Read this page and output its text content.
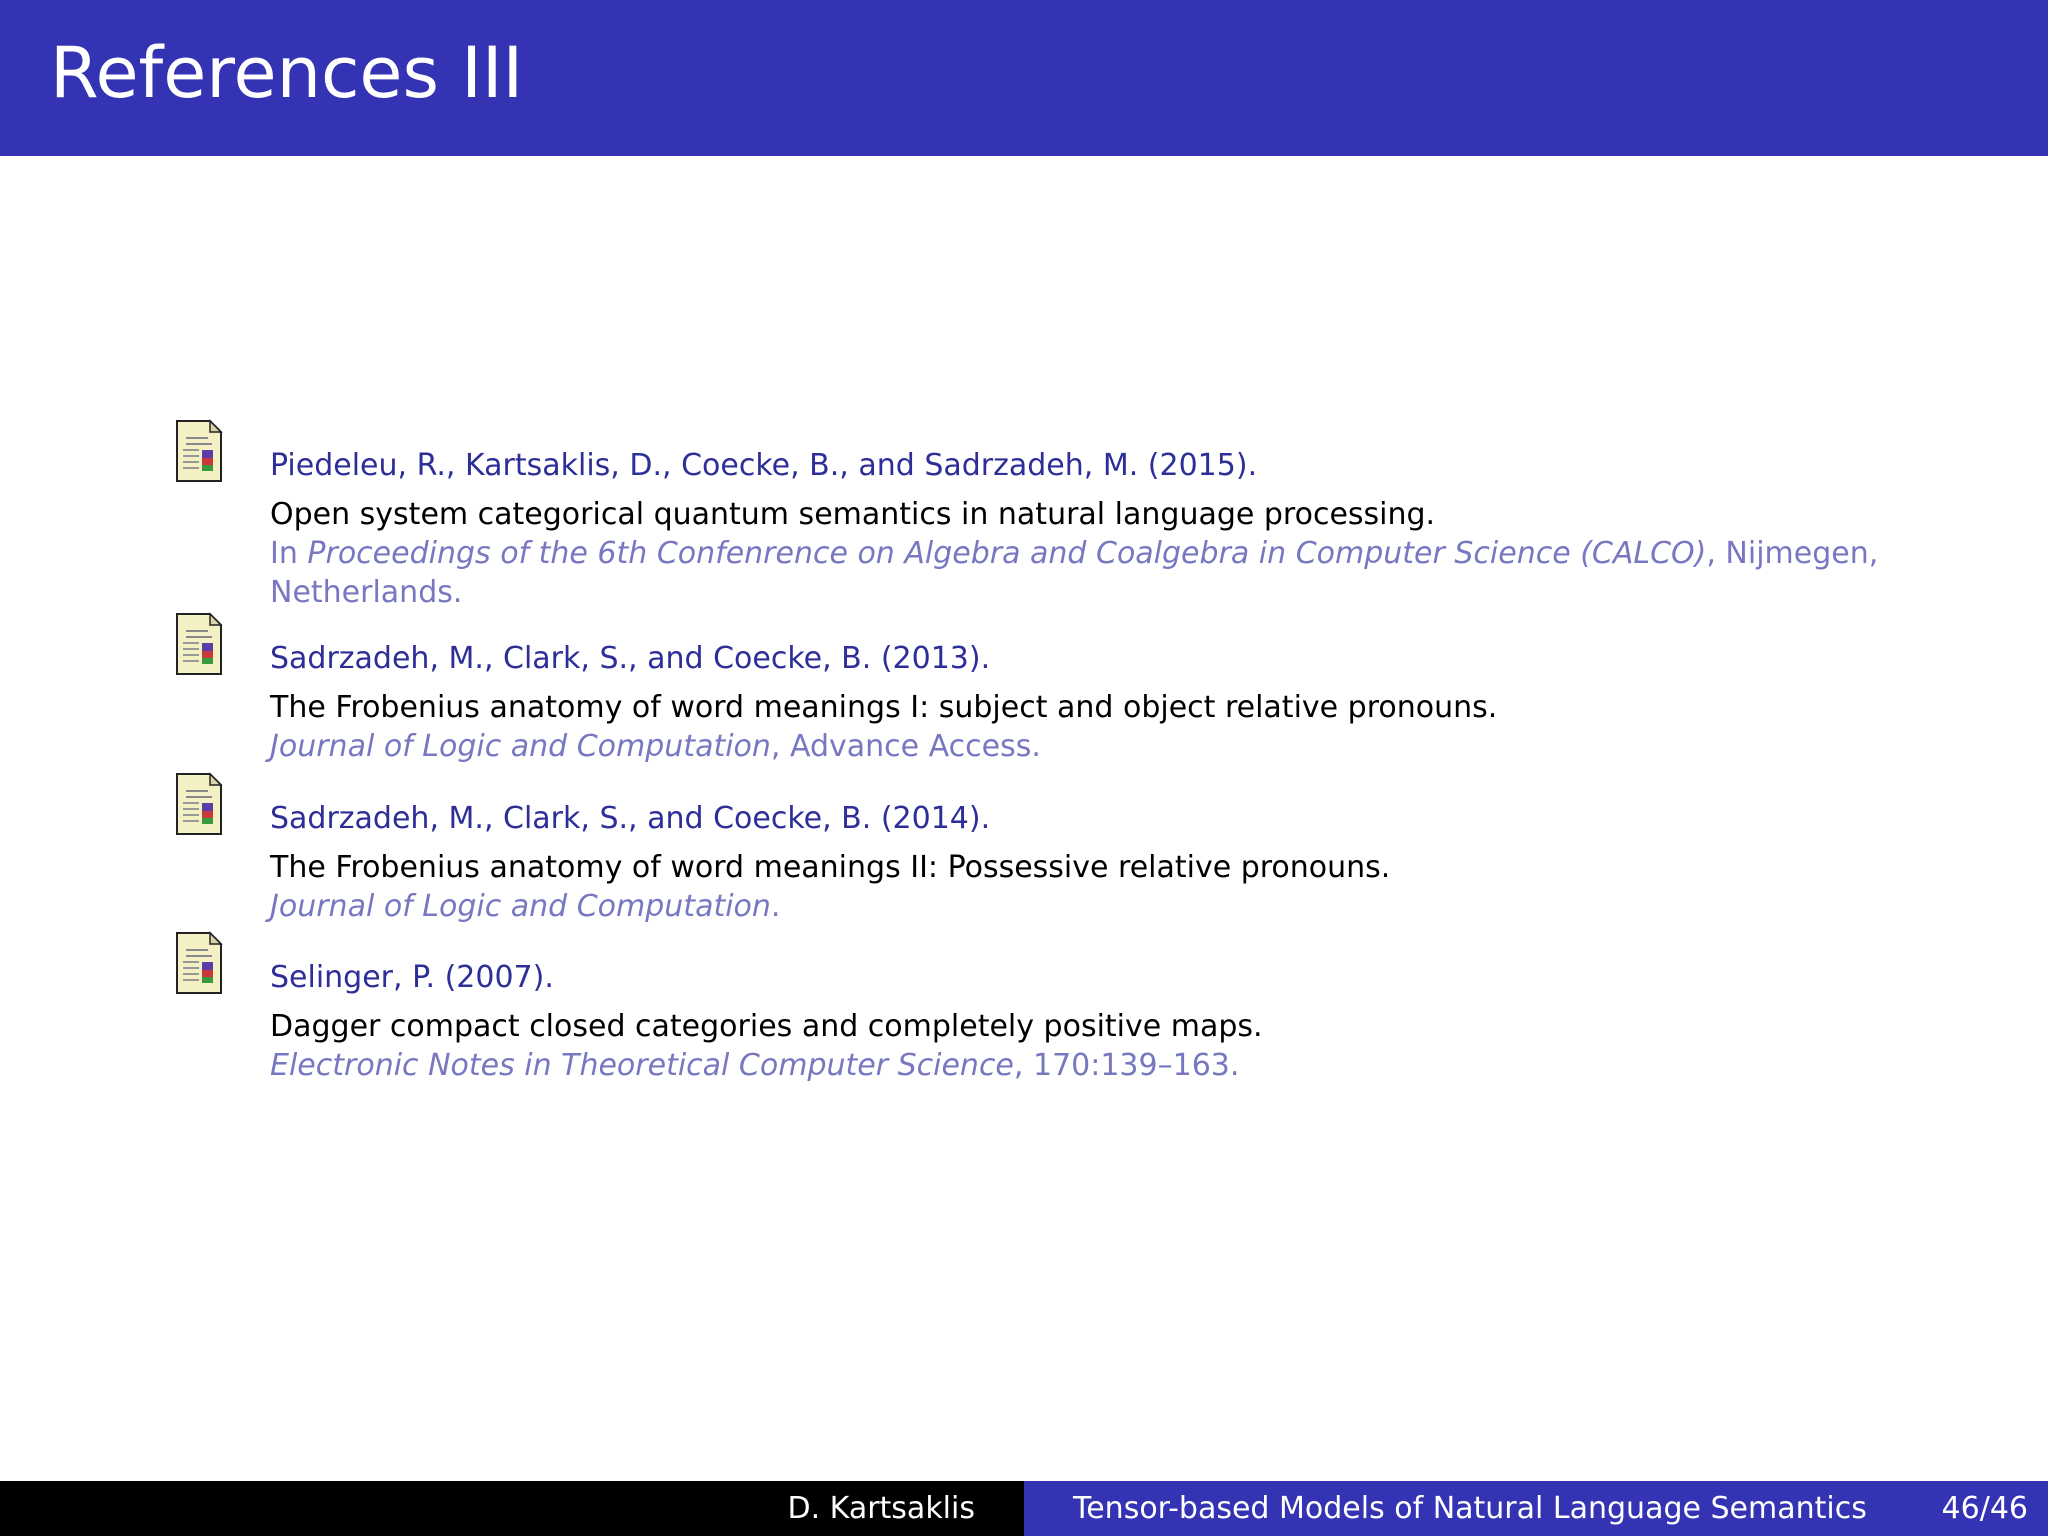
References III
Piedeleu, R., Kartsaklis, D., Coecke, B., and Sadrzadeh, M. (2015).
Open system categorical quantum semantics in natural language processing.
In Proceedings of the 6th Confenrence on Algebra and Coalgebra in Computer Science (CALCO), Nijmegen,
Netherlands.
Sadrzadeh, M., Clark, S., and Coecke, B. (2013).
The Frobenius anatomy of word meanings I: subject and object relative pronouns.
Journal of Logic and Computation, Advance Access.
Sadrzadeh, M., Clark, S., and Coecke, B. (2014).
The Frobenius anatomy of word meanings II: Possessive relative pronouns.
Journal of Logic and Computation.
Selinger, P. (2007).
Dagger compact closed categories and completely positive maps.
Electronic Notes in Theoretical Computer Science, 170:139–163.
D. Kartsaklis	Tensor-based Models of Natural Language Semantics 46/46
